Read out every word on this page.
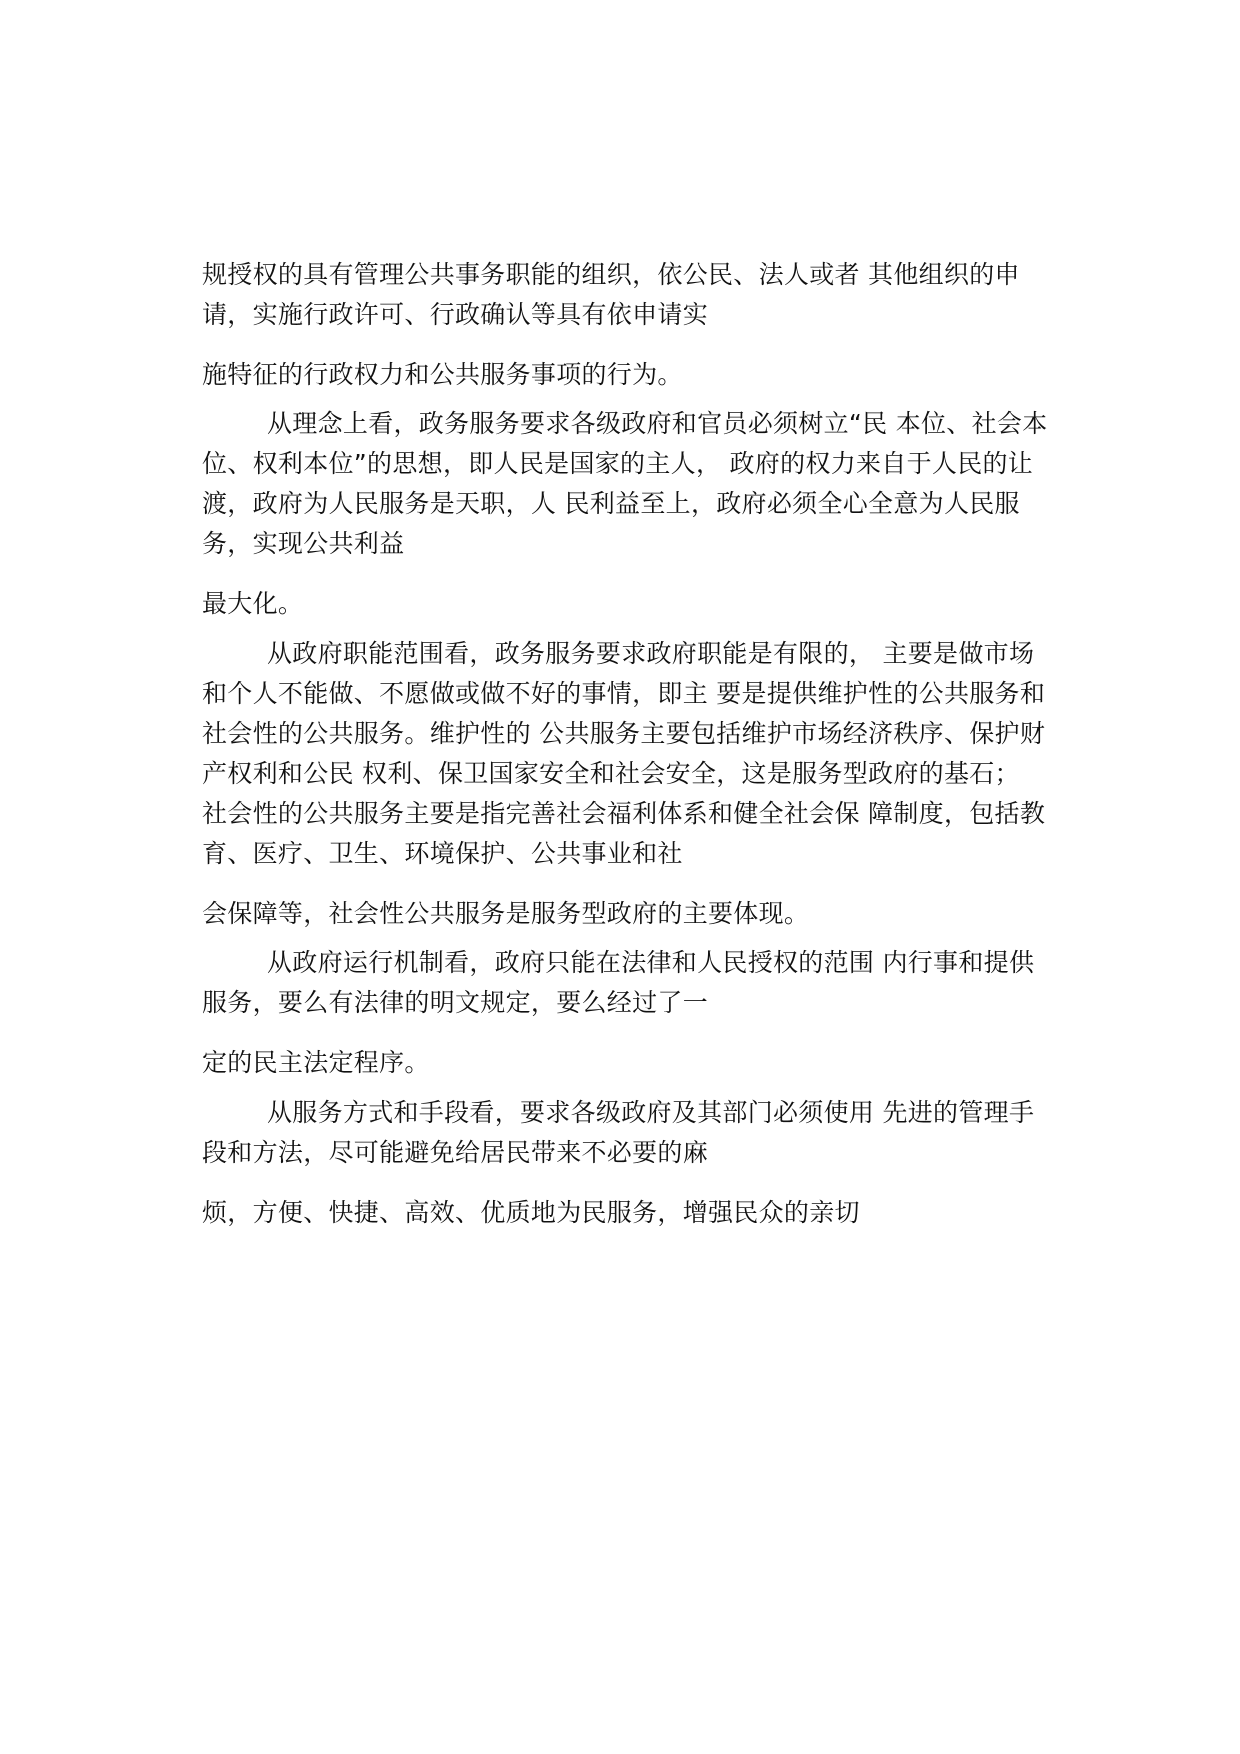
规授权的具有管理公共事务职能的组织，依公民、法人或者 其他组织的申

请，实施行政许可、行政确认等具有依申请实

施特征的行政权力和公共服务事项的行为。

从理念上看，政务服务要求各级政府和官员必须树立“民 本位、社会本

位、权利本位”的思想，即人民是国家的主人， 政府的权力来自于人民的让

渡，政府为人民服务是天职，人 民利益至上，政府必须全心全意为人民服

务，实现公共利益

最大化。

从政府职能范围看，政务服务要求政府职能是有限的， 主要是做市场

和个人不能做、不愿做或做不好的事情，即主 要是提供维护性的公共服务和

社会性的公共服务。维护性的 公共服务主要包括维护市场经济秩序、保护财

产权利和公民 权利、保卫国家安全和社会安全，这是服务型政府的基石；

社会性的公共服务主要是指完善社会福利体系和健全社会保 障制度，包括教

育、医疗、卫生、环境保护、公共事业和社

会保障等，社会性公共服务是服务型政府的主要体现。

从政府运行机制看，政府只能在法律和人民授权的范围 内行事和提供

服务，要么有法律的明文规定，要么经过了一

定的民主法定程序。

从服务方式和手段看，要求各级政府及其部门必须使用 先进的管理手

段和方法，尽可能避免给居民带来不必要的麻

烦，方便、快捷、高效、优质地为民服务，增强民众的亲切
